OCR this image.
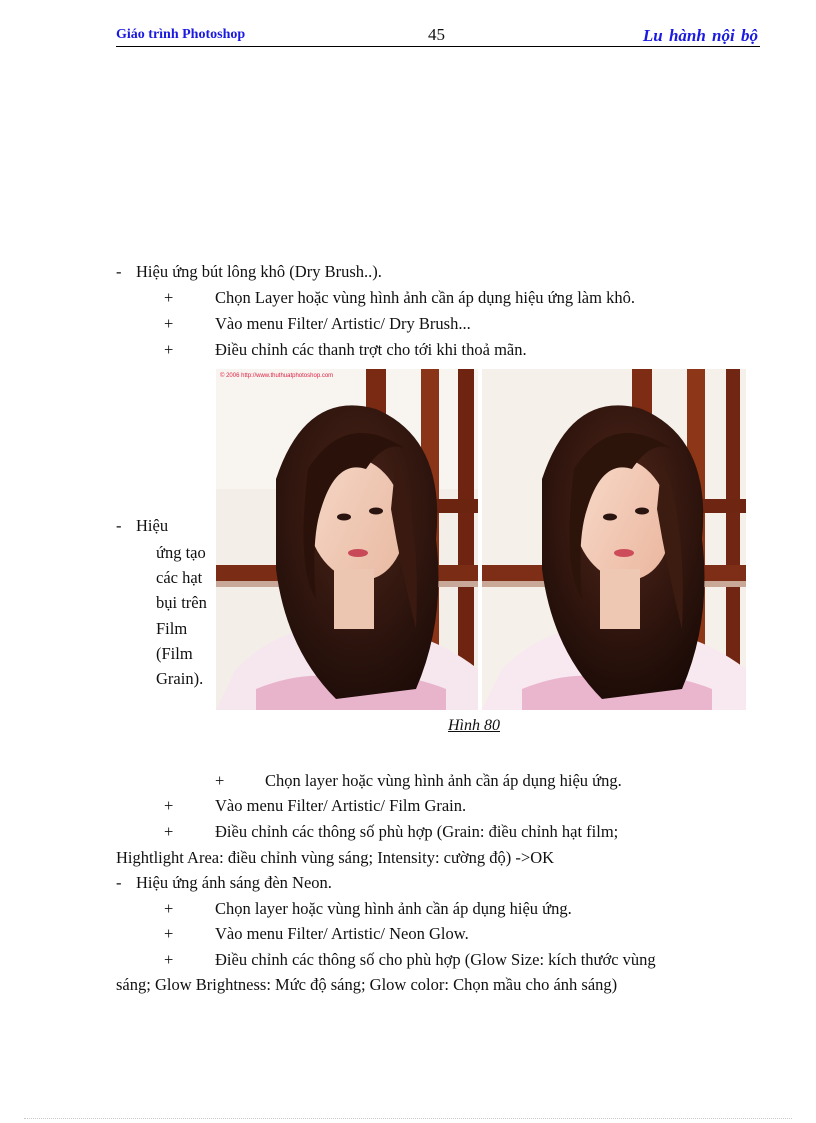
Giáo trình Photoshop	45	Lu hành nội bộ
- Hiệu ứng bút lông khô (Dry Brush..).
+	Chọn Layer hoặc vùng hình ảnh cần áp dụng hiệu ứng làm khô.
+	Vào menu Filter/ Artistic/ Dry Brush...
+	Điều chỉnh các thanh trợt cho tới khi thoả mãn.
- Hiệu
ứng tạo
các hạt
bụi trên
Film
(Film
Grain).
© 2006 http://www.thuthuatphotoshop.com
Hình 80
+ Chọn layer hoặc vùng hình ảnh cần áp dụng hiệu ứng.
+	Vào menu Filter/ Artistic/ Film Grain.
+	Điều chỉnh các thông số phù hợp (Grain: điều chỉnh hạt film;
Hightlight Area: điều chỉnh vùng sáng; Intensity: cường độ) ->OK
- Hiệu ứng ánh sáng đèn Neon.
+	Chọn layer hoặc vùng hình ảnh cần áp dụng hiệu ứng.
+	Vào menu Filter/ Artistic/ Neon Glow.
+	Điều chỉnh các thông số cho phù hợp (Glow Size: kích thước vùng
sáng; Glow Brightness: Mức độ sáng; Glow color: Chọn mầu cho ánh sáng)
